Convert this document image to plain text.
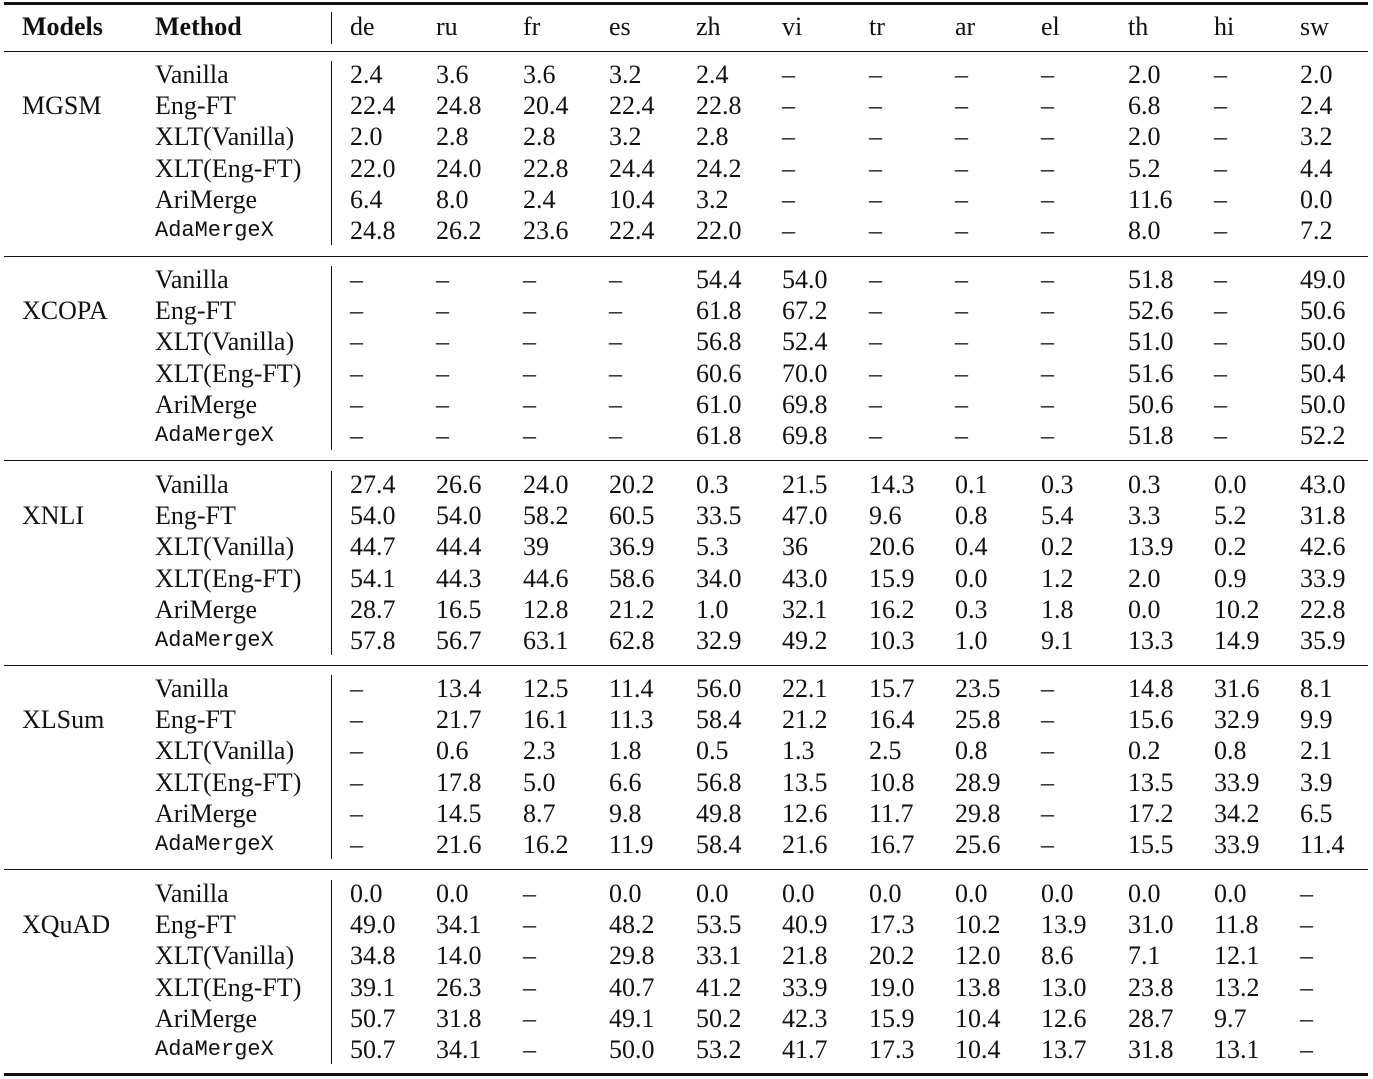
Models Method	de ru	fr	es	zh vi	tr	ar	el	th	hi	sw
MGSM
Vanilla	2.4 3.6 3.6 3.2 2.4 –	–	–	–	2.0 –	2.0
Eng-FT	22.4 24.8 20.4 22.4 22.8 –	–	–	–	6.8 –	2.4
XLT(Vanilla) 2.0 2.8 2.8 3.2 2.8 –	–	–	–	2.0 –	3.2
XLT(Eng-FT) 22.0 24.0 22.8 24.4 24.2 –	–	–	–	5.2 –	4.4
AriMerge	6.4 8.0 2.4 10.4 3.2 –	–	–	–	11.6 –	0.0
AdaMergeX	24.8 26.2 23.6 22.4 22.0 –	–	–	–	8.0 –	7.2
XCOPA
Vanilla	–	–	–	–	54.4 54.0 –	–	–	51.8 –	49.0
Eng-FT	–	–	–	–	61.8 67.2 –	–	–	52.6 –	50.6
XLT(Vanilla) –	–	–	–	56.8 52.4 –	–	–	51.0 –	50.0
XLT(Eng-FT) –	–	–	–	60.6 70.0 –	–	–	51.6 –	50.4
AriMerge	–	–	–	–	61.0 69.8 –	–	–	50.6 –	50.0
AdaMergeX	–	–	–	–	61.8 69.8 –	–	–	51.8 –	52.2
XNLI
Vanilla	27.4 26.6 24.0 20.2 0.3 21.5 14.3 0.1 0.3 0.3 0.0 43.0
Eng-FT	54.0 54.0 58.2 60.5 33.5 47.0 9.6 0.8 5.4 3.3 5.2 31.8
XLT(Vanilla) 44.7 44.4 39 36.9 5.3 36 20.6 0.4 0.2 13.9 0.2 42.6
XLT(Eng-FT) 54.1 44.3 44.6 58.6 34.0 43.0 15.9 0.0 1.2 2.0 0.9 33.9
AriMerge	28.7 16.5 12.8 21.2 1.0 32.1 16.2 0.3 1.8 0.0 10.2 22.8
AdaMergeX	57.8 56.7 63.1 62.8 32.9 49.2 10.3 1.0 9.1 13.3 14.9 35.9
XLSum
Vanilla	–	13.4 12.5 11.4 56.0 22.1 15.7 23.5 –	14.8 31.6 8.1
Eng-FT	–	21.7 16.1 11.3 58.4 21.2 16.4 25.8 –	15.6 32.9 9.9
XLT(Vanilla) –	0.6 2.3 1.8 0.5 1.3 2.5 0.8 –	0.2 0.8 2.1
XLT(Eng-FT) –	17.8 5.0 6.6 56.8 13.5 10.8 28.9 –	13.5 33.9 3.9
AriMerge	–	14.5 8.7 9.8 49.8 12.6 11.7 29.8 –	17.2 34.2 6.5
AdaMergeX	–	21.6 16.2 11.9 58.4 21.6 16.7 25.6 –	15.5 33.9 11.4
XQuAD
Vanilla	0.0 0.0 –	0.0 0.0 0.0 0.0 0.0 0.0 0.0 0.0 –
Eng-FT	49.0 34.1 –	48.2 53.5 40.9 17.3 10.2 13.9 31.0 11.8 –
XLT(Vanilla) 34.8 14.0 –	29.8 33.1 21.8 20.2 12.0 8.6 7.1 12.1 –
XLT(Eng-FT) 39.1 26.3 –	40.7 41.2 33.9 19.0 13.8 13.0 23.8 13.2 –
AriMerge	50.7 31.8 –	49.1 50.2 42.3 15.9 10.4 12.6 28.7 9.7 –
AdaMergeX	50.7 34.1 –	50.0 53.2 41.7 17.3 10.4 13.7 31.8 13.1 –
